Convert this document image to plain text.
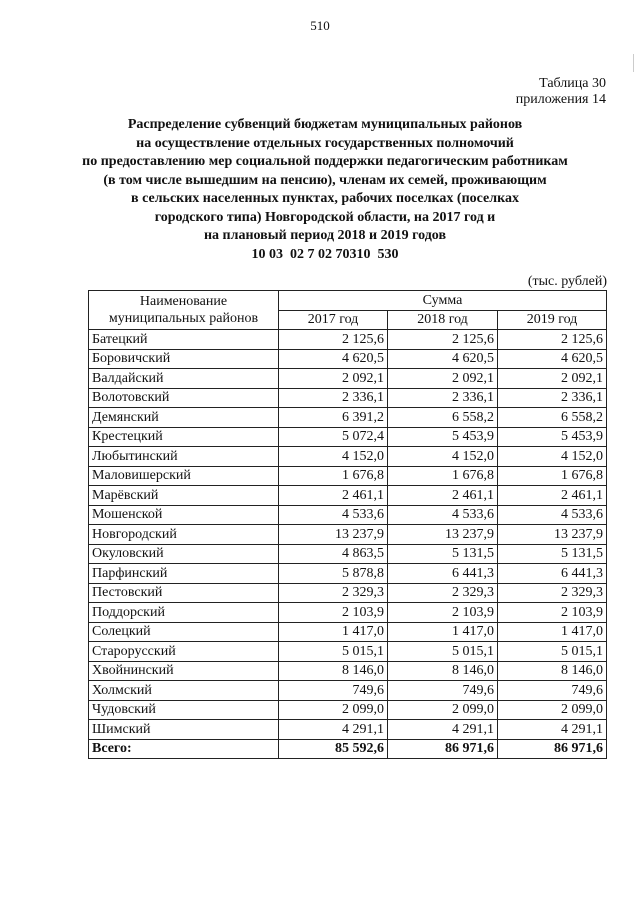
510
Таблица 30
приложения 14
Распределение субвенций бюджетам муниципальных районов
на осуществление отдельных государственных полномочий
по предоставлению мер социальной поддержки педагогическим работникам
(в том числе вышедшим на пенсию), членам их семей, проживающим
в сельских населенных пунктах, рабочих поселках (поселках
городского типа) Новгородской области, на 2017 год и
на плановый период 2018 и 2019 годов
10 03  02 7 02 70310  530
(тыс. рублей)
Наименование
муниципальных районов	Сумма		
	2017 год	2018 год	2019 год
Батецкий	2 125,6	2 125,6	2 125,6
Боровичский	4 620,5	4 620,5	4 620,5
Валдайский	2 092,1	2 092,1	2 092,1
Волотовский	2 336,1	2 336,1	2 336,1
Демянский	6 391,2	6 558,2	6 558,2
Крестецкий	5 072,4	5 453,9	5 453,9
Любытинский	4 152,0	4 152,0	4 152,0
Маловишерский	1 676,8	1 676,8	1 676,8
Марёвский	2 461,1	2 461,1	2 461,1
Мошенской	4 533,6	4 533,6	4 533,6
Новгородский	13 237,9	13 237,9	13 237,9
Окуловский	4 863,5	5 131,5	5 131,5
Парфинский	5 878,8	6 441,3	6 441,3
Пестовский	2 329,3	2 329,3	2 329,3
Поддорский	2 103,9	2 103,9	2 103,9
Солецкий	1 417,0	1 417,0	1 417,0
Старорусский	5 015,1	5 015,1	5 015,1
Хвойнинский	8 146,0	8 146,0	8 146,0
Холмский	749,6	749,6	749,6
Чудовский	2 099,0	2 099,0	2 099,0
Шимский	4 291,1	4 291,1	4 291,1
Всего:	85 592,6	86 971,6	86 971,6
